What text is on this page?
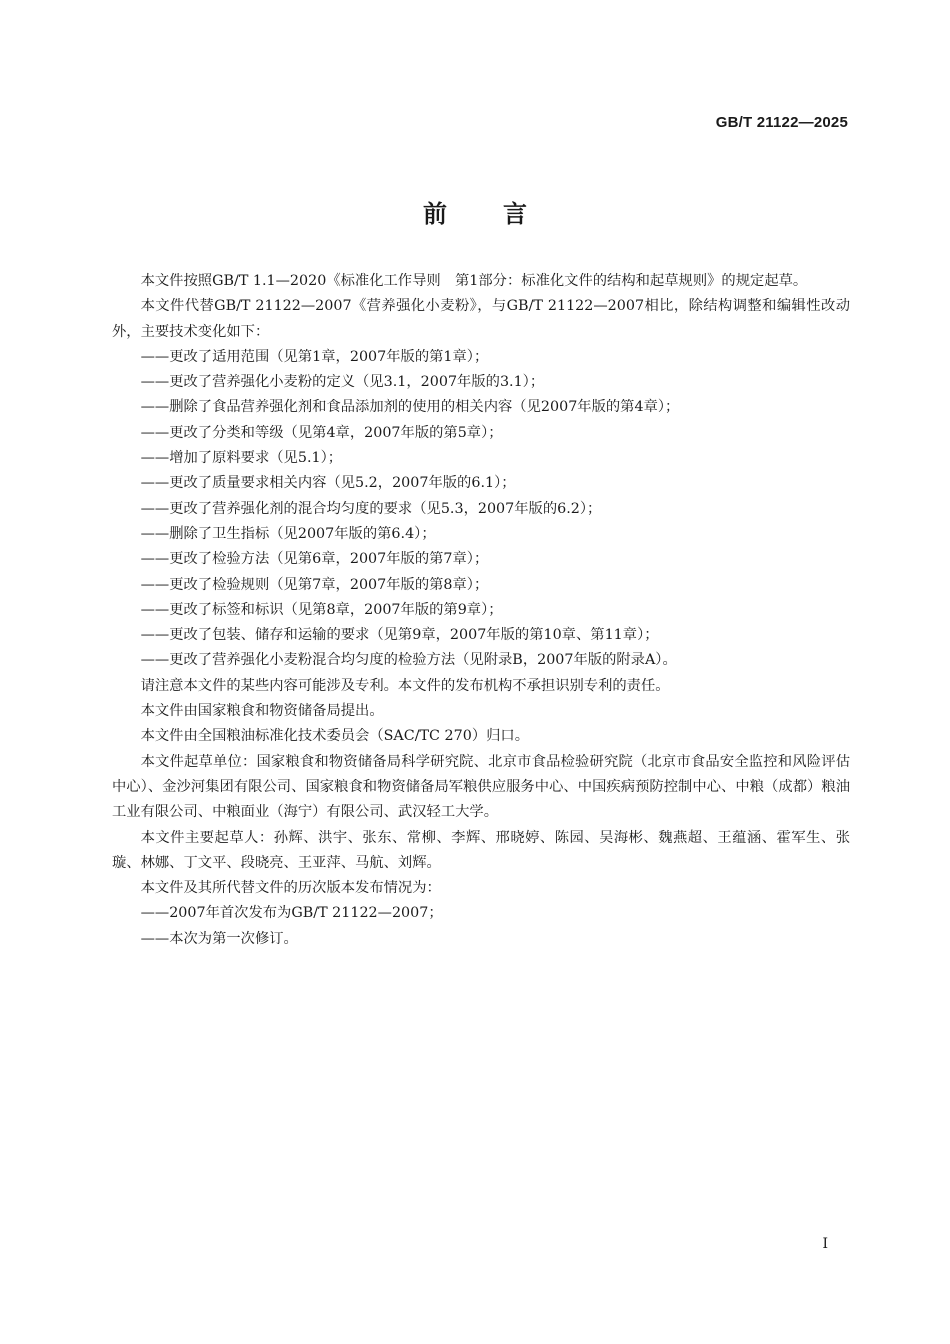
GB/T 21122—2025
前言

本文件按照GB/T 1.1—2020《标准化工作导则　第1部分：标准化文件的结构和起草规则》的规定起草。

本文件代替GB/T 21122—2007《营养强化小麦粉》，与GB/T 21122—2007相比，除结构调整和编辑性改动外，主要技术变化如下：

——更改了适用范围（见第1章，2007年版的第1章）；

——更改了营养强化小麦粉的定义（见3.1，2007年版的3.1）；

——删除了食品营养强化剂和食品添加剂的使用的相关内容（见2007年版的第4章）；

——更改了分类和等级（见第4章，2007年版的第5章）；

——增加了原料要求（见5.1）；

——更改了质量要求相关内容（见5.2，2007年版的6.1）；

——更改了营养强化剂的混合均匀度的要求（见5.3，2007年版的6.2）；

——删除了卫生指标（见2007年版的第6.4）；

——更改了检验方法（见第6章，2007年版的第7章）；

——更改了检验规则（见第7章，2007年版的第8章）；

——更改了标签和标识（见第8章，2007年版的第9章）；

——更改了包装、储存和运输的要求（见第9章，2007年版的第10章、第11章）；

——更改了营养强化小麦粉混合均匀度的检验方法（见附录B，2007年版的附录A）。

请注意本文件的某些内容可能涉及专利。本文件的发布机构不承担识别专利的责任。

本文件由国家粮食和物资储备局提出。

本文件由全国粮油标准化技术委员会（SAC/TC 270）归口。

本文件起草单位：国家粮食和物资储备局科学研究院、北京市食品检验研究院（北京市食品安全监控和风险评估中心）、金沙河集团有限公司、国家粮食和物资储备局军粮供应服务中心、中国疾病预防控制中心、中粮（成都）粮油工业有限公司、中粮面业（海宁）有限公司、武汉轻工大学。

本文件主要起草人：孙辉、洪宇、张东、常柳、李辉、邢晓婷、陈园、吴海彬、魏燕超、王蕴涵、霍军生、张璇、林娜、丁文平、段晓亮、王亚萍、马航、刘辉。

本文件及其所代替文件的历次版本发布情况为：

——2007年首次发布为GB/T 21122—2007；

——本次为第一次修订。

I
